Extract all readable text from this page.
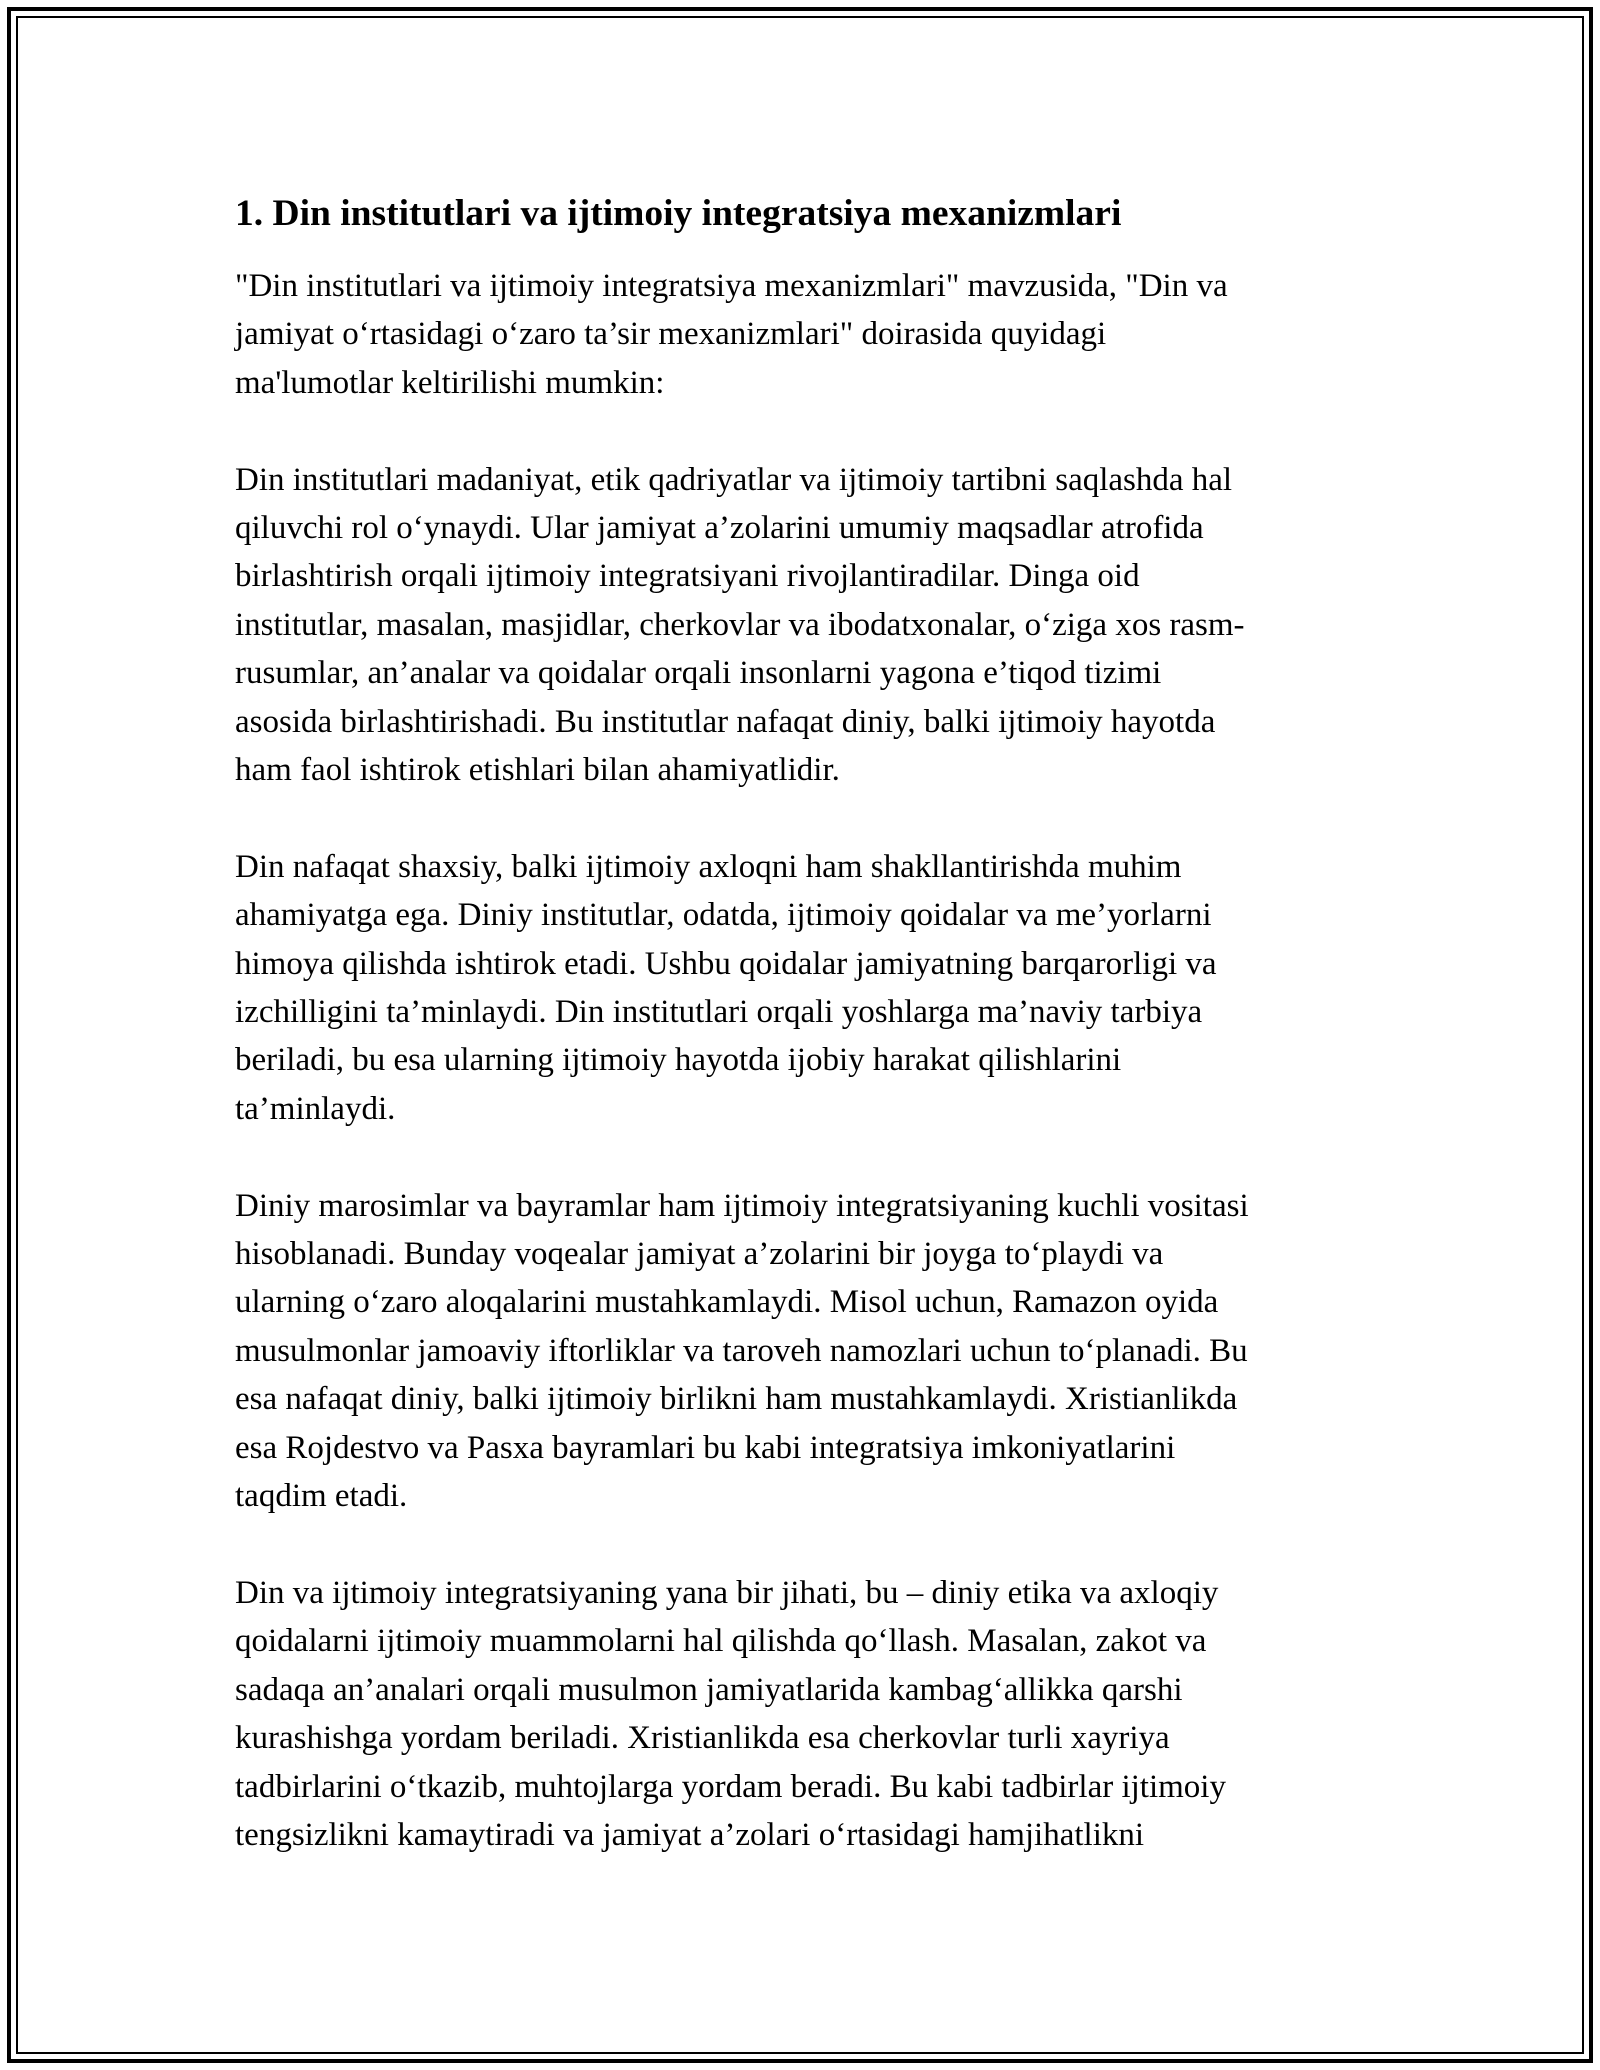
1. Din institutlari va ijtimoiy integratsiya mexanizmlari
"Din institutlari va ijtimoiy integratsiya mexanizmlari" mavzusida, "Din va
jamiyat o‘rtasidagi o‘zaro ta’sir mexanizmlari" doirasida quyidagi
ma'lumotlar keltirilishi mumkin:
Din institutlari madaniyat, etik qadriyatlar va ijtimoiy tartibni saqlashda hal
qiluvchi rol o‘ynaydi. Ular jamiyat a’zolarini umumiy maqsadlar atrofida
birlashtirish orqali ijtimoiy integratsiyani rivojlantiradilar. Dinga oid
institutlar, masalan, masjidlar, cherkovlar va ibodatxonalar, o‘ziga xos rasm-
rusumlar, an’analar va qoidalar orqali insonlarni yagona e’tiqod tizimi
asosida birlashtirishadi. Bu institutlar nafaqat diniy, balki ijtimoiy hayotda
ham faol ishtirok etishlari bilan ahamiyatlidir.
Din nafaqat shaxsiy, balki ijtimoiy axloqni ham shakllantirishda muhim
ahamiyatga ega. Diniy institutlar, odatda, ijtimoiy qoidalar va me’yorlarni
himoya qilishda ishtirok etadi. Ushbu qoidalar jamiyatning barqarorligi va
izchilligini ta’minlaydi. Din institutlari orqali yoshlarga ma’naviy tarbiya
beriladi, bu esa ularning ijtimoiy hayotda ijobiy harakat qilishlarini
ta’minlaydi.
Diniy marosimlar va bayramlar ham ijtimoiy integratsiyaning kuchli vositasi
hisoblanadi. Bunday voqealar jamiyat a’zolarini bir joyga to‘playdi va
ularning o‘zaro aloqalarini mustahkamlaydi. Misol uchun, Ramazon oyida
musulmonlar jamoaviy iftorliklar va taroveh namozlari uchun to‘planadi. Bu
esa nafaqat diniy, balki ijtimoiy birlikni ham mustahkamlaydi. Xristianlikda
esa Rojdestvo va Pasxa bayramlari bu kabi integratsiya imkoniyatlarini
taqdim etadi.
Din va ijtimoiy integratsiyaning yana bir jihati, bu – diniy etika va axloqiy
qoidalarni ijtimoiy muammolarni hal qilishda qo‘llash. Masalan, zakot va
sadaqa an’analari orqali musulmon jamiyatlarida kambag‘allikka qarshi
kurashishga yordam beriladi. Xristianlikda esa cherkovlar turli xayriya
tadbirlarini o‘tkazib, muhtojlarga yordam beradi. Bu kabi tadbirlar ijtimoiy
tengsizlikni kamaytiradi va jamiyat a’zolari o‘rtasidagi hamjihatlikni
